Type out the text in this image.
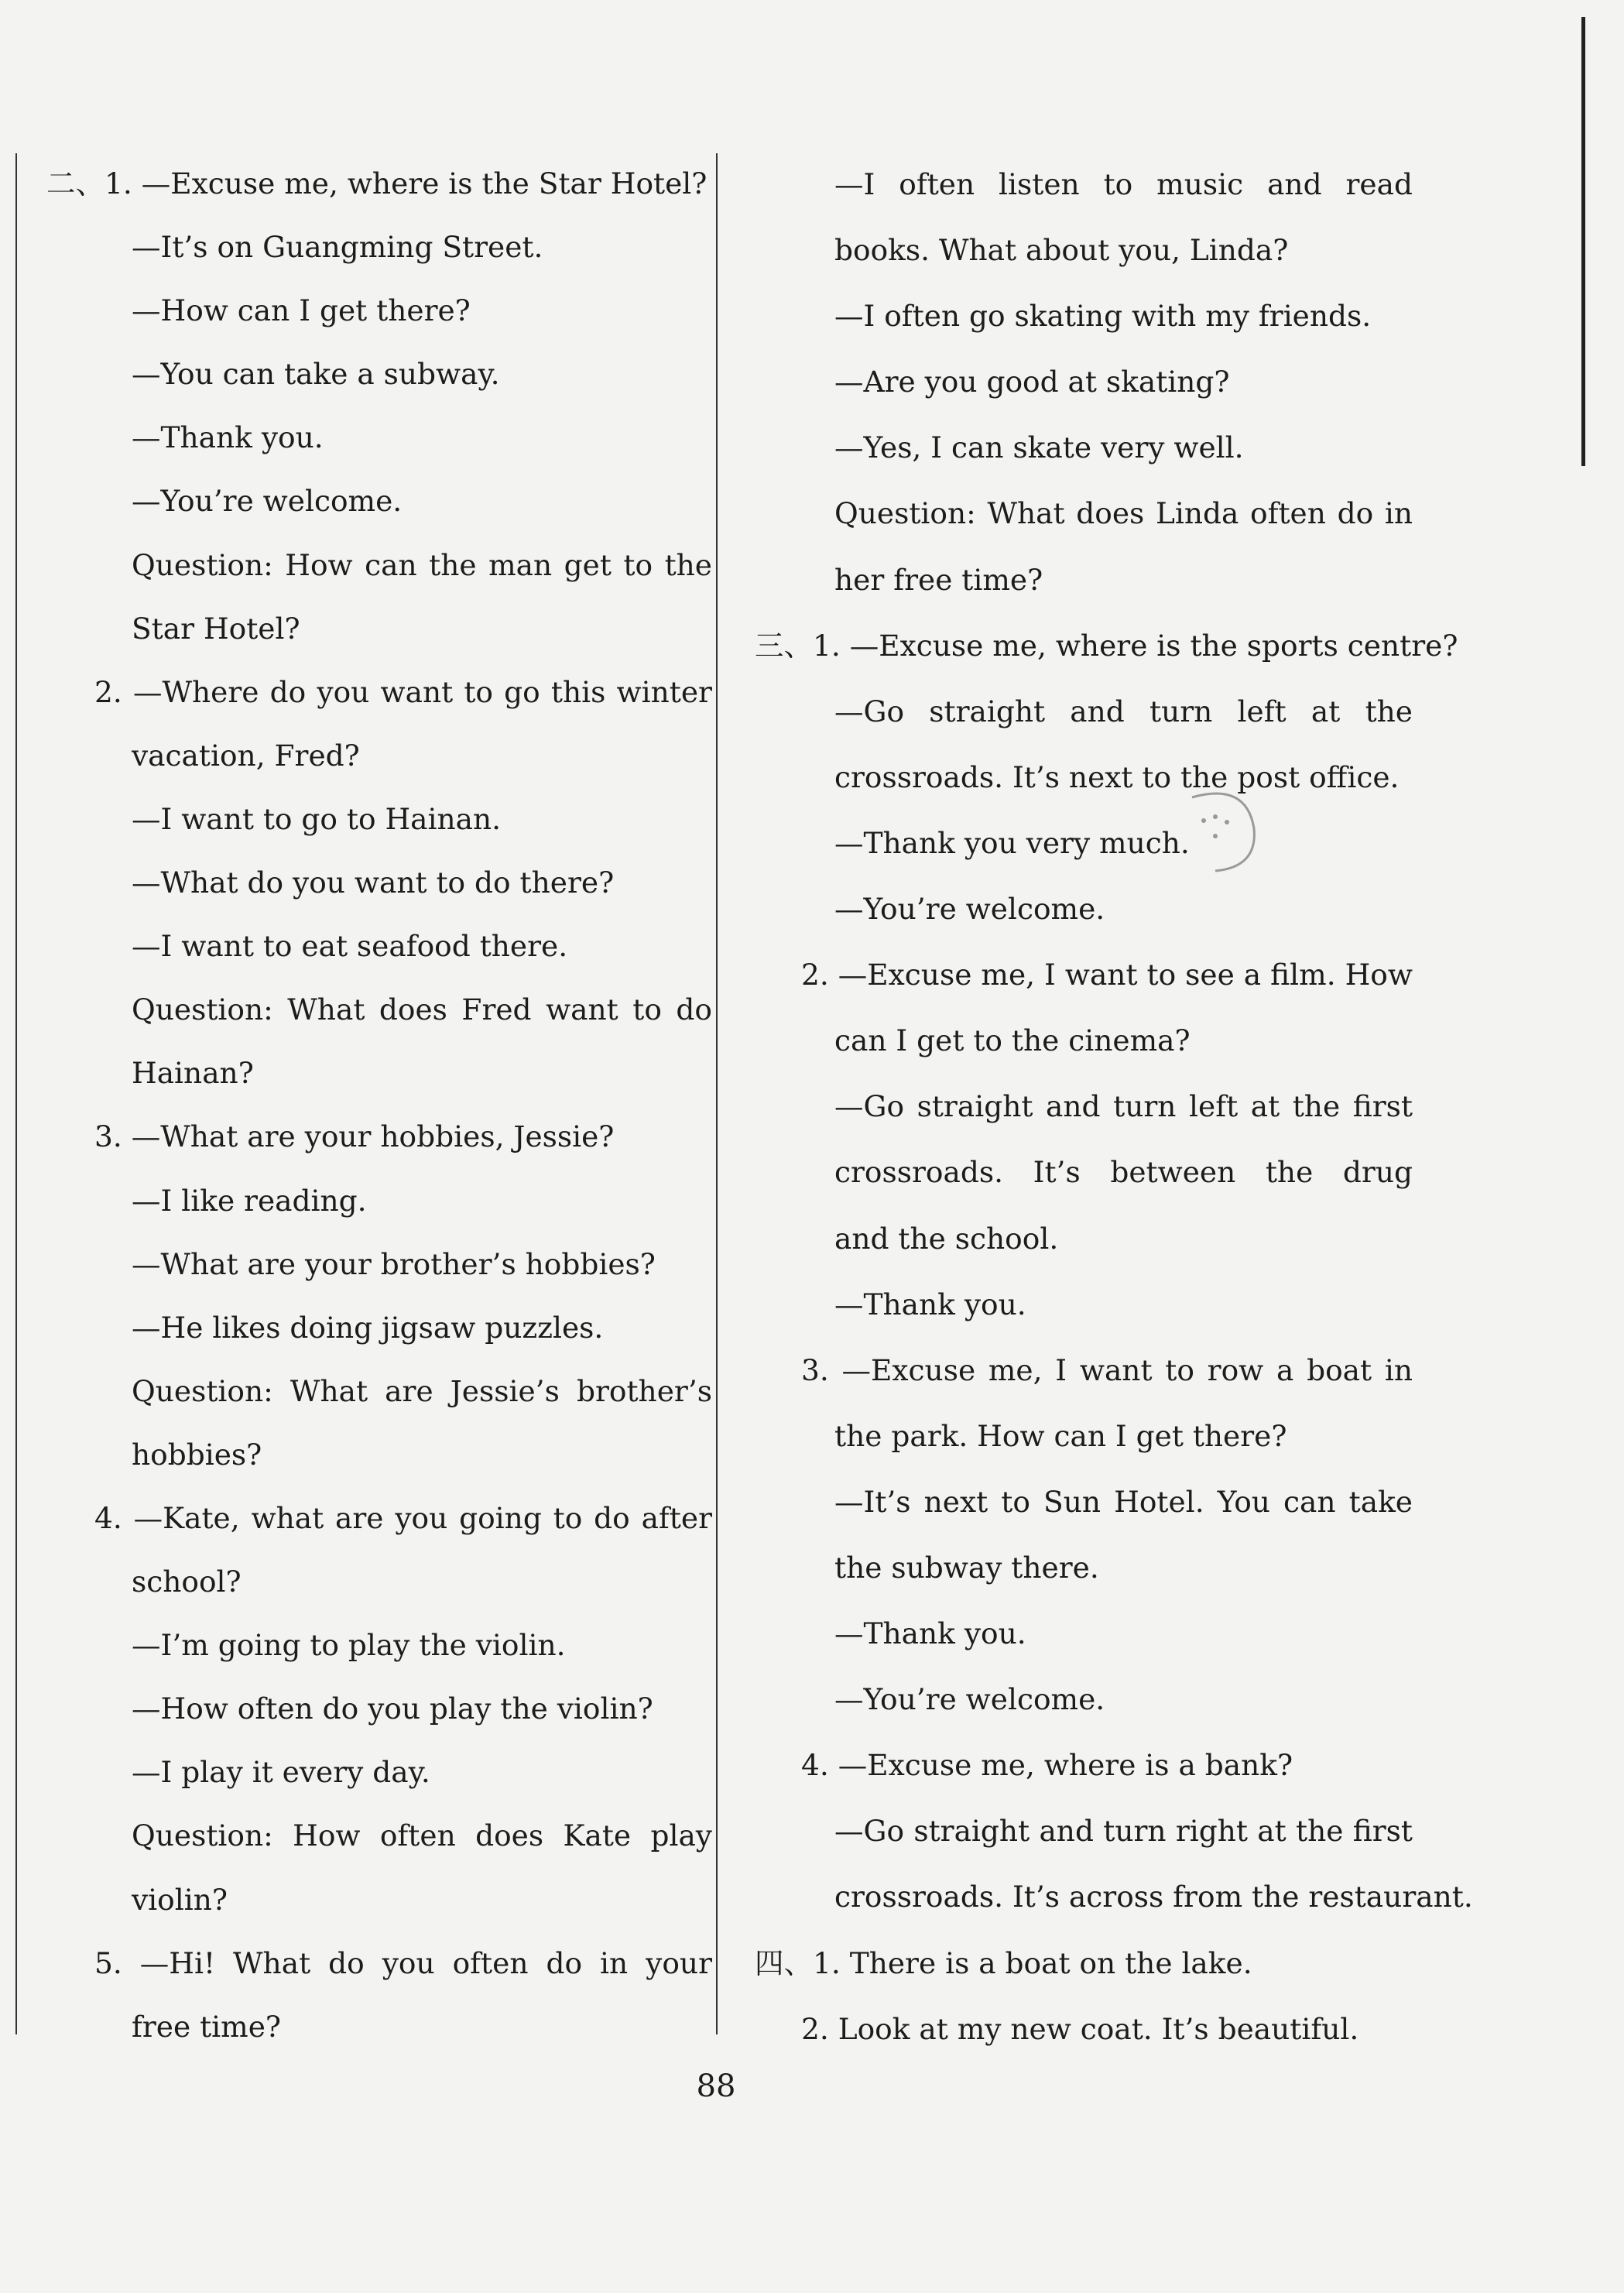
二、1. —Excuse me, where is the Star Hotel?
—It’s on Guangming Street.
—How can I get there?
—You can take a subway.
—Thank you.
—You’re welcome.
Question: How can the man get to the
Star Hotel?
2. —Where do you want to go this winter
vacation, Fred?
—I want to go to Hainan.
—What do you want to do there?
—I want to eat seafood there.
Question: What does Fred want to do
Hainan?
3. —What are your hobbies, Jessie?
—I like reading.
—What are your brother’s hobbies?
—He likes doing jigsaw puzzles.
Question: What are Jessie’s brother’s
hobbies?
4. —Kate, what are you going to do after
school?
—I’m going to play the violin.
—How often do you play the violin?
—I play it every day.
Question: How often does Kate play
violin?
5. —Hi! What do you often do in your
free time?
—I often listen to music and read
books. What about you, Linda?
—I often go skating with my friends.
—Are you good at skating?
—Yes, I can skate very well.
Question: What does Linda often do in
her free time?
三、1. —Excuse me, where is the sports centre?
—Go straight and turn left at the
crossroads. It’s next to the post office.
—Thank you very much.
—You’re welcome.
2. —Excuse me, I want to see a film. How
can I get to the cinema?
—Go straight and turn left at the first
crossroads. It’s between the drug
and the school.
—Thank you.
3. —Excuse me, I want to row a boat in
the park. How can I get there?
—It’s next to Sun Hotel. You can take
the subway there.
—Thank you.
—You’re welcome.
4. —Excuse me, where is a bank?
—Go straight and turn right at the first
crossroads. It’s across from the restaurant.
四、1. There is a boat on the lake.
2. Look at my new coat. It’s beautiful.
88
